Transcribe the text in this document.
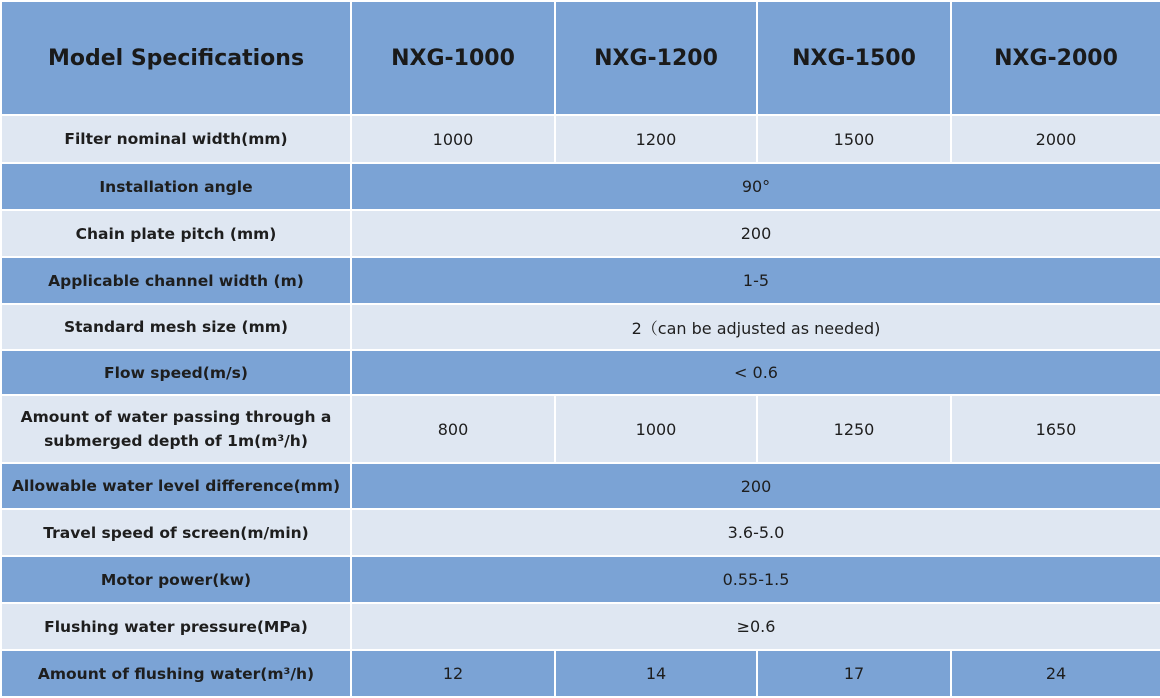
Model Specifications	NXG-1000	NXG-1200	NXG-1500	NXG-2000
Filter nominal width(mm)	1000	1200	1500	2000
Installation angle	90°			
Chain plate pitch (mm)	200			
Applicable channel width (m)	1-5			
Standard mesh size (mm)	2（can be adjusted as needed)			
Flow speed(m/s)	< 0.6			
Amount of water passing through a
submerged depth of 1m(m³/h)	800	1000	1250	1650
Allowable water level difference(mm)	200			
Travel speed of screen(m/min)	3.6-5.0			
Motor power(kw)	0.55-1.5			
Flushing water pressure(MPa)	≥0.6			
Amount of flushing water(m³/h)	12	14	17	24
